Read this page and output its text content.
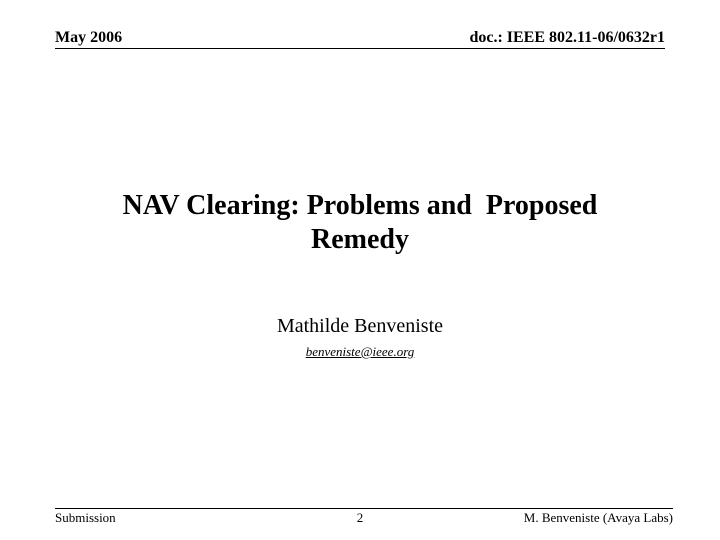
May 2006	doc.: IEEE 802.11-06/0632r1
NAV Clearing: Problems and  Proposed
Remedy
Mathilde Benveniste
benveniste@ieee.org
Submission	2	M. Benveniste (Avaya Labs)
